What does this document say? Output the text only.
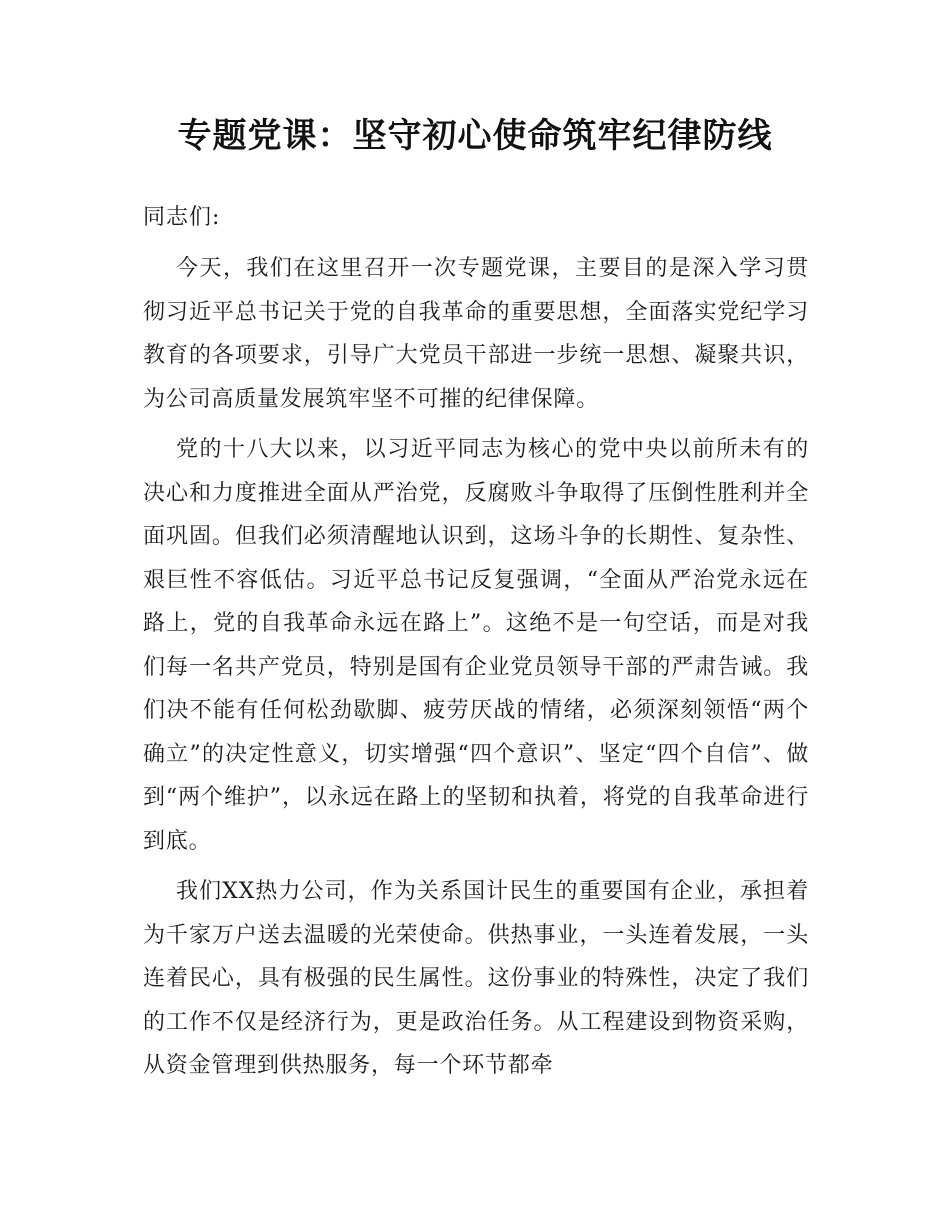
专题党课：坚守初心使命筑牢纪律防线

同志们:

今天，我们在这里召开一次专题党课，主要目的是深入学习贯彻习近平总书记关于党的自我革命的重要思想，全面落实党纪学习教育的各项要求，引导广大党员干部进一步统一思想、凝聚共识，为公司高质量发展筑牢坚不可摧的纪律保障。

党的十八大以来，以习近平同志为核心的党中央以前所未有的决心和力度推进全面从严治党，反腐败斗争取得了压倒性胜利并全面巩固。但我们必须清醒地认识到，这场斗争的长期性、复杂性、艰巨性不容低估。习近平总书记反复强调，“全面从严治党永远在路上，党的自我革命永远在路上”。这绝不是一句空话，而是对我们每一名共产党员，特别是国有企业党员领导干部的严肃告诫。我们决不能有任何松劲歇脚、疲劳厌战的情绪，必须深刻领悟“两个确立”的决定性意义，切实增强“四个意识”、坚定“四个自信”、做到“两个维护”，以永远在路上的坚韧和执着，将党的自我革命进行到底。

我们XX热力公司，作为关系国计民生的重要国有企业，承担着为千家万户送去温暖的光荣使命。供热事业，一头连着发展，一头连着民心，具有极强的民生属性。这份事业的特殊性，决定了我们的工作不仅是经济行为，更是政治任务。从工程建设到物资采购，从资金管理到供热服务，每一个环节都牵
